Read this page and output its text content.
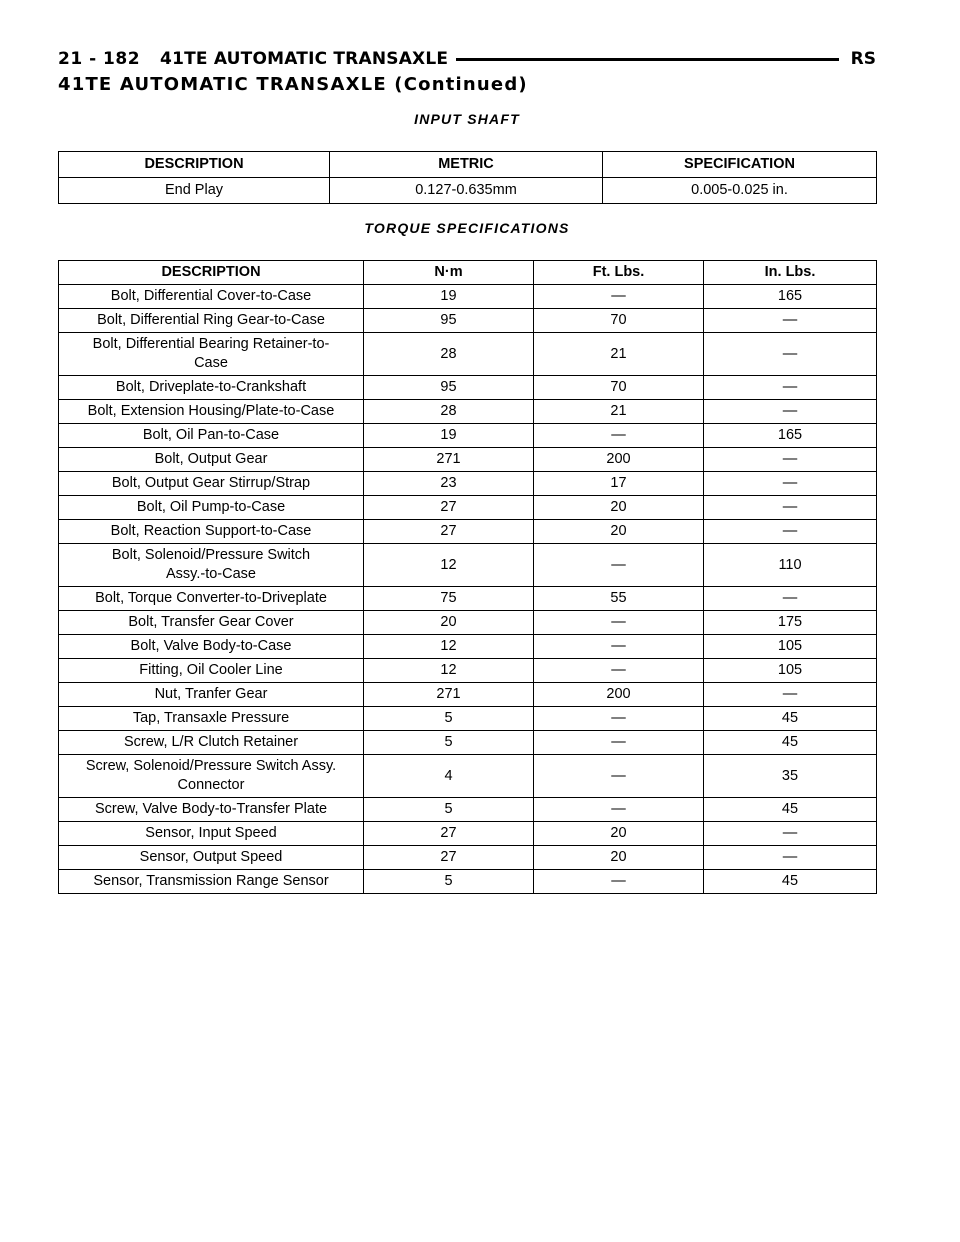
21 - 182 41TE AUTOMATIC TRANSAXLE	RS
41TE AUTOMATIC TRANSAXLE (Continued)
INPUT SHAFT
DESCRIPTION	METRIC	SPECIFICATION
End Play	0.127-0.635mm	0.005-0.025 in.
TORQUE SPECIFICATIONS
DESCRIPTION	N·m	Ft. Lbs.	In. Lbs.
Bolt, Differential Cover-to-Case	19	—	165
Bolt, Differential Ring Gear-to-Case	95	70	—
Bolt, Differential Bearing Retainer-to-
Case	28	21	—
Bolt, Driveplate-to-Crankshaft	95	70	—
Bolt, Extension Housing/Plate-to-Case	28	21	—
Bolt, Oil Pan-to-Case	19	—	165
Bolt, Output Gear	271	200	—
Bolt, Output Gear Stirrup/Strap	23	17	—
Bolt, Oil Pump-to-Case	27	20	—
Bolt, Reaction Support-to-Case	27	20	—
Bolt, Solenoid/Pressure Switch
Assy.-to-Case	12	—	110
Bolt, Torque Converter-to-Driveplate	75	55	—
Bolt, Transfer Gear Cover	20	—	175
Bolt, Valve Body-to-Case	12	—	105
Fitting, Oil Cooler Line	12	—	105
Nut, Tranfer Gear	271	200	—
Tap, Transaxle Pressure	5	—	45
Screw, L/R Clutch Retainer	5	—	45
Screw, Solenoid/Pressure Switch Assy.
Connector	4	—	35
Screw, Valve Body-to-Transfer Plate	5	—	45
Sensor, Input Speed	27	20	—
Sensor, Output Speed	27	20	—
Sensor, Transmission Range Sensor	5	—	45
